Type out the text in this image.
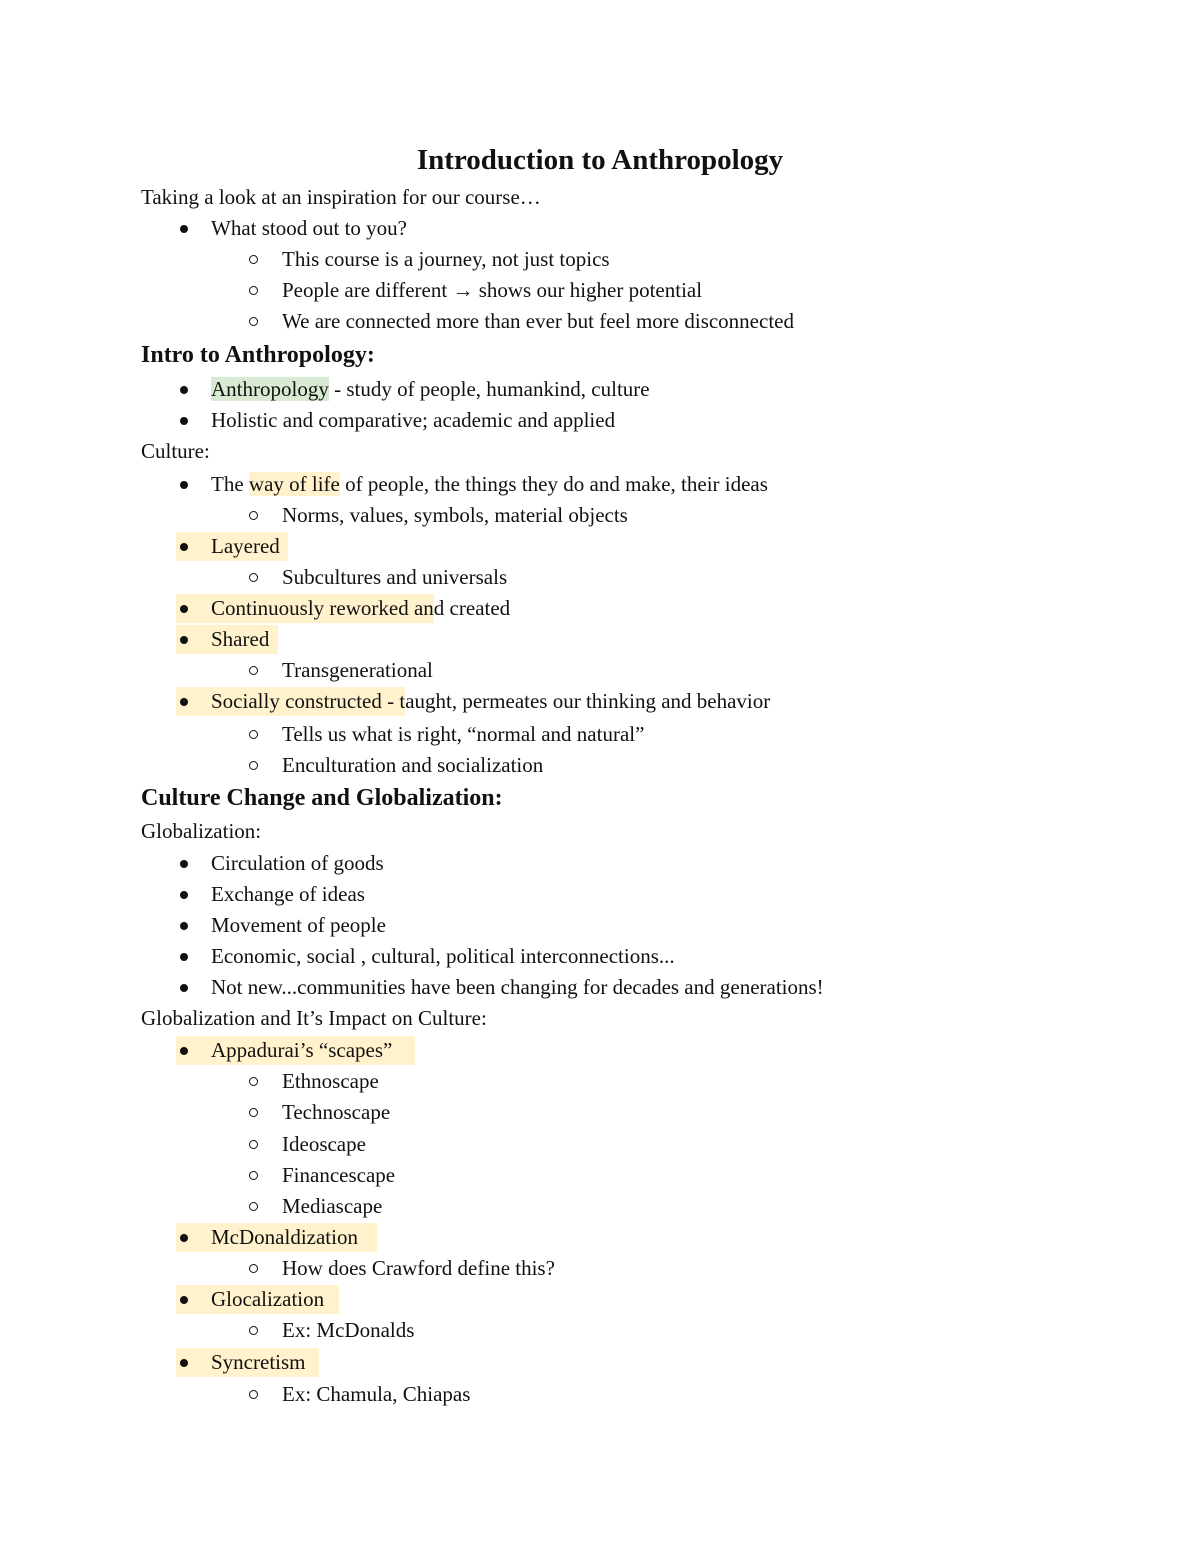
Introduction to Anthropology
Taking a look at an inspiration for our course…
What stood out to you?
This course is a journey, not just topics
People are different → shows our higher potential
We are connected more than ever but feel more disconnected
Intro to Anthropology:
Anthropology - study of people, humankind, culture
Holistic and comparative; academic and applied
Culture:
The way of life of people, the things they do and make, their ideas
Norms, values, symbols, material objects
Layered
Subcultures and universals
Continuously reworked and created
Shared
Transgenerational
Socially constructed - taught, permeates our thinking and behavior
Tells us what is right, “normal and natural”
Enculturation and socialization
Culture Change and Globalization:
Globalization:
Circulation of goods
Exchange of ideas
Movement of people
Economic, social , cultural, political interconnections...
Not new...communities have been changing for decades and generations!
Globalization and It’s Impact on Culture:
Appadurai’s “scapes”
Ethnoscape
Technoscape
Ideoscape
Financescape
Mediascape
McDonaldization
How does Crawford define this?
Glocalization
Ex: McDonalds
Syncretism
Ex: Chamula, Chiapas
